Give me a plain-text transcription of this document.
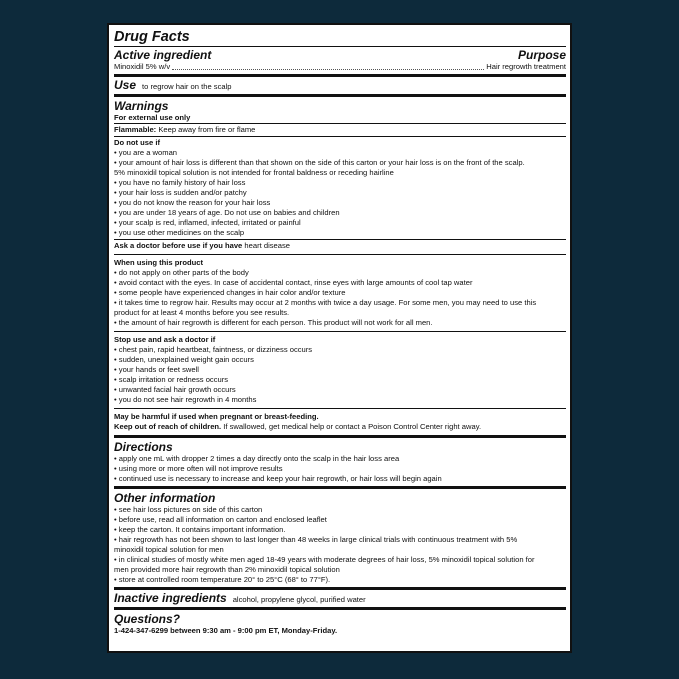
Drug Facts
Active ingredient	Purpose
Minoxidil 5% w/v	Hair regrowth treatment
Use to regrow hair on the scalp
Warnings
For external use only
Flammable: Keep away from fire or flame
Do not use if
• you are a woman
• your amount of hair loss is different than that shown on the side of this carton or your hair loss is on the front of the scalp.
5% minoxidil topical solution is not intended for frontal baldness or receding hairline
• you have no family history of hair loss
• your hair loss is sudden and/or patchy
• you do not know the reason for your hair loss
• you are under 18 years of age. Do not use on babies and children
• your scalp is red, inflamed, infected, irritated or painful
• you use other medicines on the scalp
Ask a doctor before use if you have heart disease
When using this product
• do not apply on other parts of the body
• avoid contact with the eyes. In case of accidental contact, rinse eyes with large amounts of cool tap water
• some people have experienced changes in hair color and/or texture
• it takes time to regrow hair. Results may occur at 2 months with twice a day usage. For some men, you may need to use this
product for at least 4 months before you see results.
• the amount of hair regrowth is different for each person. This product will not work for all men.
Stop use and ask a doctor if
• chest pain, rapid heartbeat, faintness, or dizziness occurs
• sudden, unexplained weight gain occurs
• your hands or feet swell
• scalp irritation or redness occurs
• unwanted facial hair growth occurs
• you do not see hair regrowth in 4 months
May be harmful if used when pregnant or breast-feeding.
Keep out of reach of children. If swallowed, get medical help or contact a Poison Control Center right away.
Directions
• apply one mL with dropper 2 times a day directly onto the scalp in the hair loss area
• using more or more often will not improve results
• continued use is necessary to increase and keep your hair regrowth, or hair loss will begin again
Other information
• see hair loss pictures on side of this carton
• before use, read all information on carton and enclosed leaflet
• keep the carton. It contains important information.
• hair regrowth has not been shown to last longer than 48 weeks in large clinical trials with continuous treatment with 5%
minoxidil topical solution for men
• in clinical studies of mostly white men aged 18-49 years with moderate degrees of hair loss, 5% minoxidil topical solution for
men provided more hair regrowth than 2% minoxidil topical solution
• store at controlled room temperature 20° to 25°C (68° to 77°F).
Inactive ingredients alcohol, propylene glycol, purified water
Questions?
1-424-347-6299 between 9:30 am - 9:00 pm ET, Monday-Friday.
